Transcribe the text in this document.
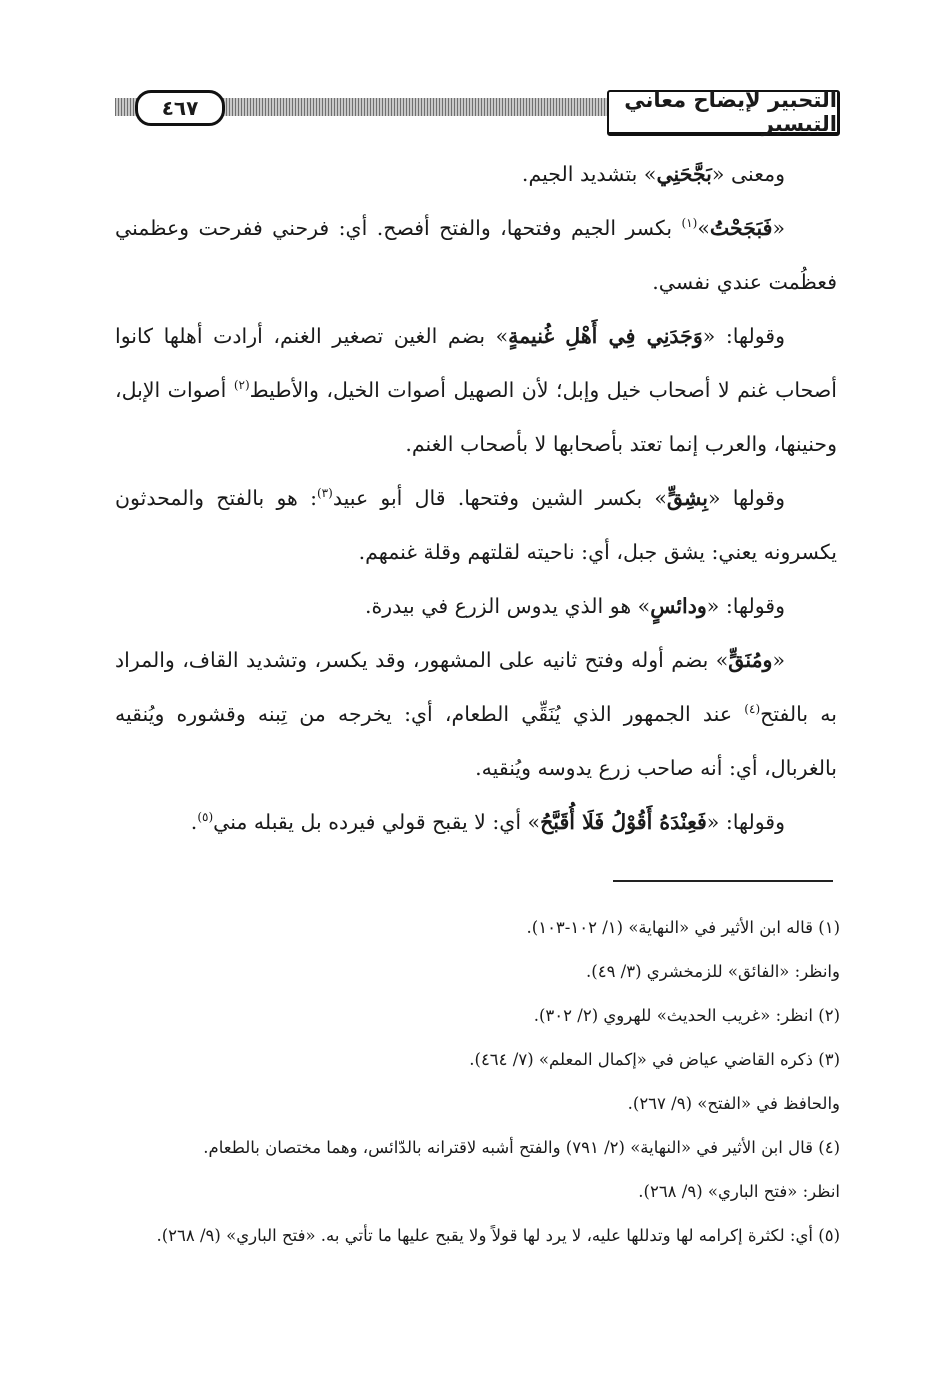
التحبير لإيضاح معاني التيسير
٤٦٧

ومعنى «بَجَّحَنِي» بتشديد الجيم.

«فَبَجَحْتُ»$^{(١)}$ بكسر الجيم وفتحها، والفتح أفصح. أي: فرحني ففرحت وعظمني فعظُمت عندي نفسي.

وقولها: «وَجَدَنِي فِي أَهْلِ غُنيمةٍ» بضم الغين تصغير الغنم، أرادت أهلها كانوا أصحاب غنم لا أصحاب خيل وإبل؛ لأن الصهيل أصوات الخيل، والأطيط$^{(٢)}$ أصوات الإبل، وحنينها، والعرب إنما تعتد بأصحابها لا بأصحاب الغنم.

وقولها «بِشِقٍّ» بكسر الشين وفتحها. قال أبو عبيد$^{(٣)}$: هو بالفتح والمحدثون يكسرونه يعني: يشق جبل، أي: ناحيته لقلتهم وقلة غنمهم.

وقولها: «ودائسٍ» هو الذي يدوس الزرع في بيدرة.

«ومُنَقٍّ» بضم أوله وفتح ثانيه على المشهور، وقد يكسر، وتشديد القاف، والمراد به بالفتح$^{(٤)}$ عند الجمهور الذي يُنَقِّي الطعام، أي: يخرجه من تِبنه وقشوره ويُنقيه بالغربال، أي: أنه صاحب زرع يدوسه ويُنقيه.

وقولها: «فَعِنْدَهُ أَقُوْلُ فَلَا أُقَبَّحُ» أي: لا يقبح قولي فيرده بل يقبله مني$^{(٥)}$.

(١) قاله ابن الأثير في «النهاية» (١/ ١٠٢-١٠٣).

وانظر: «الفائق» للزمخشري (٣/ ٤٩).

(٢) انظر: «غريب الحديث» للهروي (٢/ ٣٠٢).

(٣) ذكره القاضي عياض في «إكمال المعلم» (٧/ ٤٦٤).

والحافظ في «الفتح» (٩/ ٢٦٧).

(٤) قال ابن الأثير في «النهاية» (٢/ ٧٩١) والفتح أشبه لاقترانه بالدّائس، وهما مختصان بالطعام.

انظر: «فتح الباري» (٩/ ٢٦٨).

(٥) أي: لكثرة إكرامه لها وتدللها عليه، لا يرد لها قولاً ولا يقبح عليها ما تأتي به. «فتح الباري» (٩/ ٢٦٨).
